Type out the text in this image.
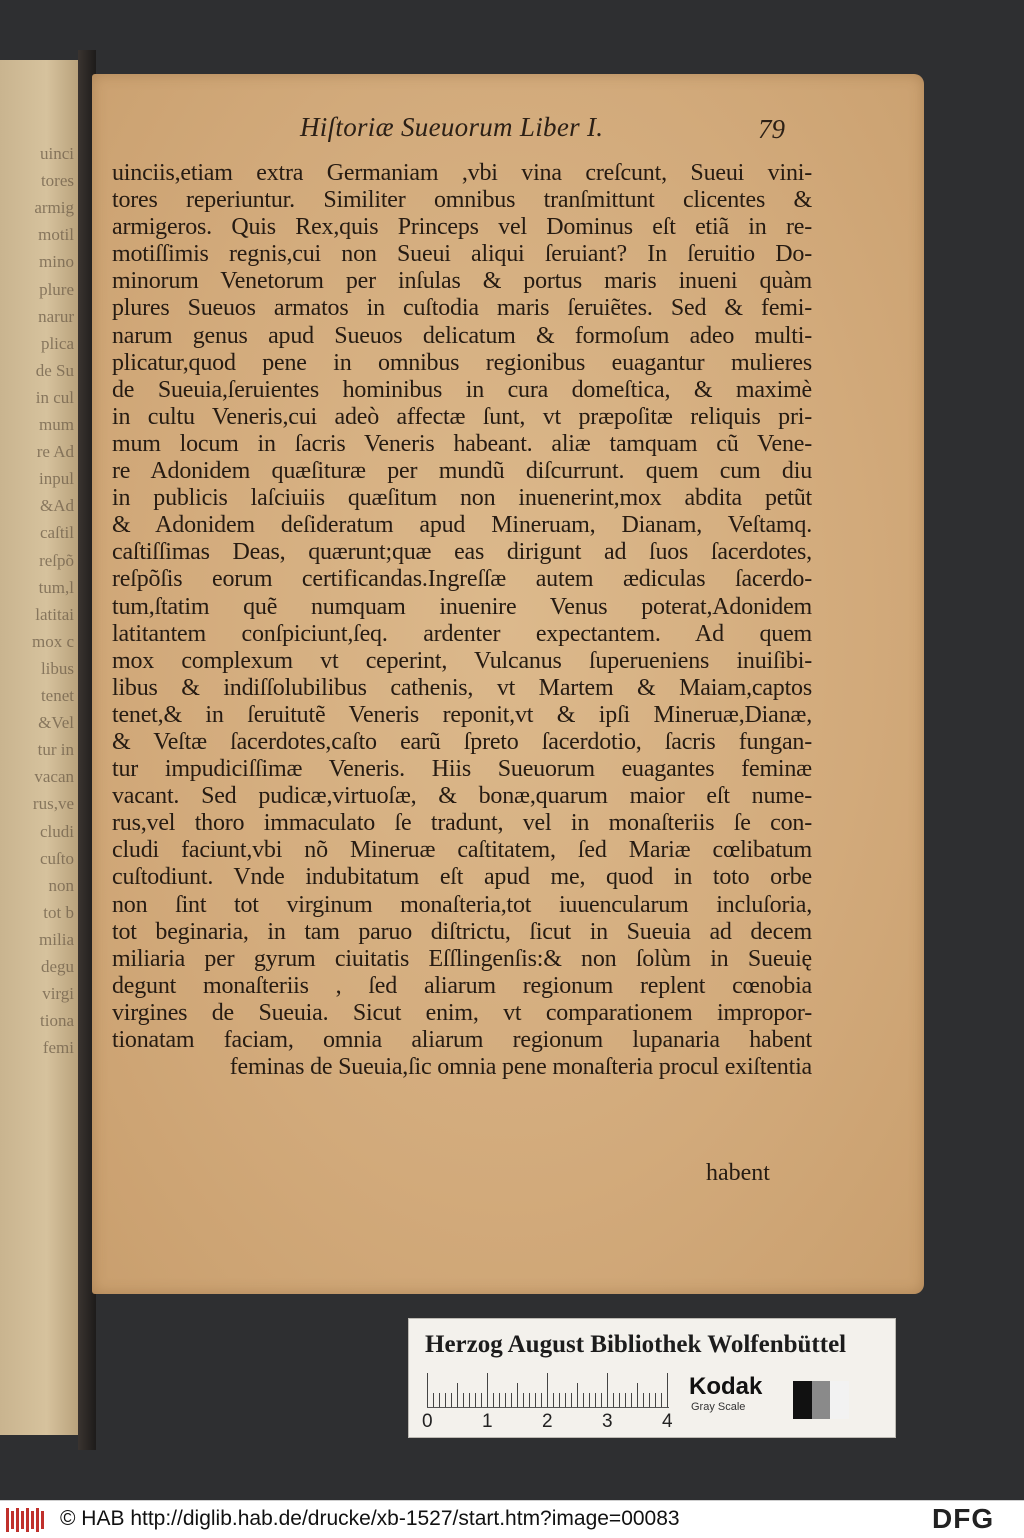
uinci
tores
armig
motil
mino
plure
narur
plica
de Su
in cul
mum
re Ad
inpul
&Ad
caſtil
reſpõ
tum,l
latitai
mox c
libus
tenet
&Vel
tur in
vacan
rus,ve
cludi
cuſto
non
tot b
milia
degu
virgi
tiona
femi
Hiſtoriæ Sueuorum Liber I.	79
uinciis,etiam extra Germaniam ,vbi vina creſcunt, Sueui vini-
tores reperiuntur. Similiter omnibus tranſmittunt clicentes &
armigeros. Quis Rex,quis Princeps vel Dominus eſt etiã in re-
motiſſimis regnis,cui non Sueui aliqui ſeruiant? In ſeruitio Do-
minorum Venetorum per inſulas & portus maris inueni quàm
plures Sueuos armatos in cuſtodia maris ſeruiẽtes. Sed & femi-
narum genus apud Sueuos delicatum & formoſum adeo multi-
plicatur,quod pene in omnibus regionibus euagantur mulieres
de Sueuia,ſeruientes hominibus in cura domeſtica, & maximè
in cultu Veneris,cui adeò affectæ ſunt, vt præpoſitæ reliquis pri-
mum locum in ſacris Veneris habeant. aliæ tamquam cũ Vene-
re Adonidem quæſituræ per mundũ diſcurrunt. quem cum diu
in publicis laſciuiis quæſitum non inuenerint,mox abdita petũt
& Adonidem deſideratum apud Mineruam, Dianam, Veſtamq.
caſtiſſimas Deas, quærunt;quæ eas dirigunt ad ſuos ſacerdotes,
reſpõſis eorum certificandas.Ingreſſæ autem ædiculas ſacerdo-
tum,ſtatim quẽ numquam inuenire Venus poterat,Adonidem
latitantem conſpiciunt,ſeq. ardenter expectantem. Ad quem
mox complexum vt ceperint, Vulcanus ſuperueniens inuiſibi-
libus & indiſſolubilibus cathenis, vt Martem & Maiam,captos
tenet,& in ſeruitutẽ Veneris reponit,vt & ipſi Mineruæ,Dianæ,
& Veſtæ ſacerdotes,caſto earũ ſpreto ſacerdotio, ſacris fungan-
tur impudiciſſimæ Veneris. Hiis Sueuorum euagantes feminæ
vacant. Sed pudicæ,virtuoſæ, & bonæ,quarum maior eſt nume-
rus,vel thoro immaculato ſe tradunt, vel in monaſteriis ſe con-
cludi faciunt,vbi nõ Mineruæ caſtitatem, ſed Mariæ cœlibatum
cuſtodiunt. Vnde indubitatum eſt apud me, quod in toto orbe
non ſint tot virginum monaſteria,tot iuuencularum incluſoria,
tot beginaria, in tam paruo diſtrictu, ſicut in Sueuia ad decem
miliaria per gyrum ciuitatis Eſſlingenſis:& non ſolùm in Sueuię
degunt monaſteriis , ſed aliarum regionum replent cœnobia
virgines de Sueuia. Sicut enim, vt comparationem impropor-
tionatam faciam, omnia aliarum regionum lupanaria habent
feminas de Sueuia,ſic omnia pene monaſteria procul exiſtentia
habent
Herzog August Bibliothek Wolfenbüttel
0	1	2	3	4
Kodak
Gray Scale
© HAB http://diglib.hab.de/drucke/xb-1527/start.htm?image=00083	DFG
